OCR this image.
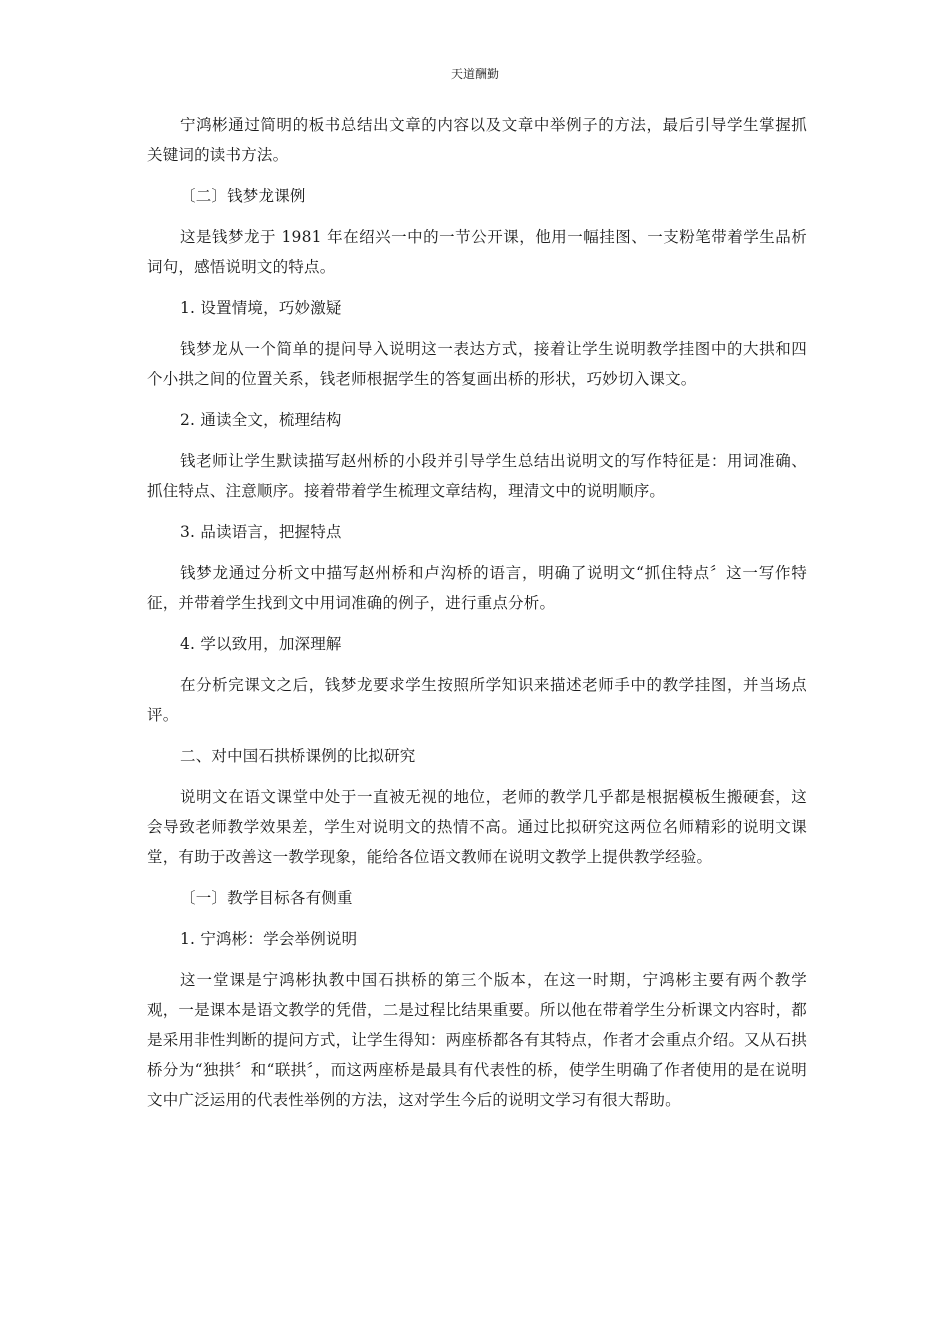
天道酬勤

宁鸿彬通过简明的板书总结出文章的内容以及文章中举例子的方法，最后引导学生掌握抓关键词的读书方法。

〔二〕钱梦龙课例

这是钱梦龙于 1981 年在绍兴一中的一节公开课，他用一幅挂图、一支粉笔带着学生品析词句，感悟说明文的特点。

1. 设置情境，巧妙激疑

钱梦龙从一个简单的提问导入说明这一表达方式，接着让学生说明教学挂图中的大拱和四个小拱之间的位置关系，钱老师根据学生的答复画出桥的形状，巧妙切入课文。

2. 通读全文，梳理结构

钱老师让学生默读描写赵州桥的小段并引导学生总结出说明文的写作特征是：用词准确、抓住特点、注意顺序。接着带着学生梳理文章结构，理清文中的说明顺序。

3. 品读语言，把握特点

钱梦龙通过分析文中描写赵州桥和卢沟桥的语言，明确了说明文“抓住特点〞这一写作特征，并带着学生找到文中用词准确的例子，进行重点分析。

4. 学以致用，加深理解

在分析完课文之后，钱梦龙要求学生按照所学知识来描述老师手中的教学挂图，并当场点评。

二、对中国石拱桥课例的比拟研究

说明文在语文课堂中处于一直被无视的地位，老师的教学几乎都是根据模板生搬硬套，这会导致老师教学效果差，学生对说明文的热情不高。通过比拟研究这两位名师精彩的说明文课堂，有助于改善这一教学现象，能给各位语文教师在说明文教学上提供教学经验。

〔一〕教学目标各有侧重

1. 宁鸿彬：学会举例说明

这一堂课是宁鸿彬执教中国石拱桥的第三个版本，在这一时期，宁鸿彬主要有两个教学观，一是课本是语文教学的凭借，二是过程比结果重要。所以他在带着学生分析课文内容时，都是采用非性判断的提问方式，让学生得知：两座桥都各有其特点，作者才会重点介绍。又从石拱桥分为“独拱〞和“联拱〞，而这两座桥是最具有代表性的桥，使学生明确了作者使用的是在说明文中广泛运用的代表性举例的方法，这对学生今后的说明文学习有很大帮助。
